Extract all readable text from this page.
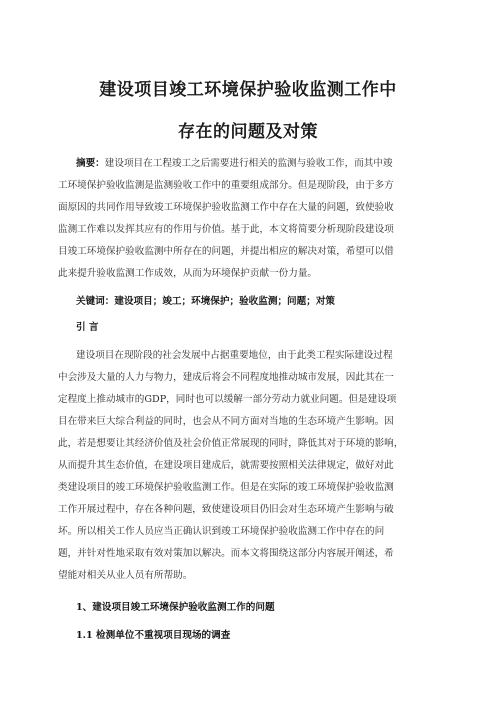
建设项目竣工环境保护验收监测工作中
存在的问题及对策
摘要：建设项目在工程竣工之后需要进行相关的监测与验收工作，而其中竣
工环境保护验收监测是监测验收工作中的重要组成部分。但是现阶段，由于多方
面原因的共同作用导致竣工环境保护验收监测工作中存在大量的问题，致使验收
监测工作难以发挥其应有的作用与价值。基于此，本文将简要分析现阶段建设项
目竣工环境保护验收监测中所存在的问题，并提出相应的解决对策，希望可以借
此来提升验收监测工作成效，从而为环境保护贡献一份力量。
关键词：建设项目；竣工；环境保护；验收监测；问题；对策
引 言
建设项目在现阶段的社会发展中占据重要地位，由于此类工程实际建设过程
中会涉及大量的人力与物力，建成后将会不同程度地推动城市发展，因此其在一
定程度上推动城市的GDP，同时也可以缓解一部分劳动力就业问题。但是建设项
目在带来巨大综合利益的同时，也会从不同方面对当地的生态环境产生影响。因
此，若是想要让其经济价值及社会价值正常展现的同时，降低其对于环境的影响，
从而提升其生态价值，在建设项目建成后，就需要按照相关法律规定，做好对此
类建设项目的竣工环境保护验收监测工作。但是在实际的竣工环境保护验收监测
工作开展过程中，存在各种问题，致使建设项目仍旧会对生态环境产生影响与破
坏。所以相关工作人员应当正确认识到竣工环境保护验收监测工作中存在的问
题，并针对性地采取有效对策加以解决。而本文将围绕这部分内容展开阐述，希
望能对相关从业人员有所帮助。
1、建设项目竣工环境保护验收监测工作的问题
1.1 检测单位不重视项目现场的调查
